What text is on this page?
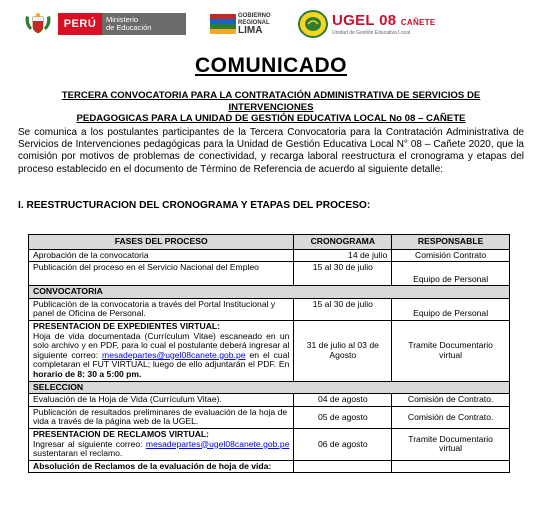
PERÚ	Ministerio
de Educación
GOBIERNO
REGIONAL
LIMA
UGEL 08 CAÑETE
Unidad de Gestión Educativa Local
COMUNICADO
TERCERA CONVOCATORIA PARA LA CONTRATACIÓN ADMINISTRATIVA DE SERVICIOS DE INTERVENCIONES
PEDAGOGICAS PARA LA UNIDAD DE GESTIÓN EDUCATIVA LOCAL No 08 – CAÑETE

Se comunica a los postulantes participantes de la Tercera Convocatoria para la Contratación Administrativa de Servicios de Intervenciones pedagógicas para la Unidad de Gestión Educativa Local N° 08 – Cañete 2020, que la comisión por motivos de problemas de conectividad, y recarga laboral reestructura el cronograma y etapas del proceso establecido en el documento de Término de Referencia de acuerdo al siguiente detalle:

I. REESTRUCTURACION DEL CRONOGRAMA Y ETAPAS DEL PROCESO:
FASES DEL PROCESO	CRONOGRAMA	RESPONSABLE
Aprobación de la convocatoria	14 de julio	Comisión Contrato
Publicación del proceso en el Servicio Nacional del Empleo	15 al 30 de julio	Equipo de Personal
CONVOCATORIA		
Publicación de la convocatoria a través del Portal Institucional y panel de Oficina de Personal.	15 al 30 de julio	Equipo de Personal

PRESENTACION DE EXPEDIENTES VIRTUAL:
Hoja de vida documentada (Currículum Vitae) escaneado en un solo archivo y en PDF, para lo cual el postulante deberá ingresar al siguiente correo: mesadepartes@ugel08canete.gob.pe en el cual completaran el FUT VIRTUAL; luego de ello adjuntarán el PDF. En horario de 8: 30 a 5:00 pm.	31 de julio al 03 de Agosto	Tramite Documentario virtual
SELECCION		
Evaluación de la Hoja de Vida (Currículum Vitae).	04 de agosto	Comisión de Contrato.
Publicación de resultados preliminares de evaluación de la hoja de vida a través de la página web de la UGEL.	05 de agosto	Comisión de Contrato.

PRESENTACION DE RECLAMOS VIRTUAL:
Ingresar al siguiente correo: mesadepartes@ugel08canete.gob.pe sustentaran el reclamo.	06 de agosto	Tramite Documentario virtual
Absolución de Reclamos de la evaluación de hoja de vida:		
